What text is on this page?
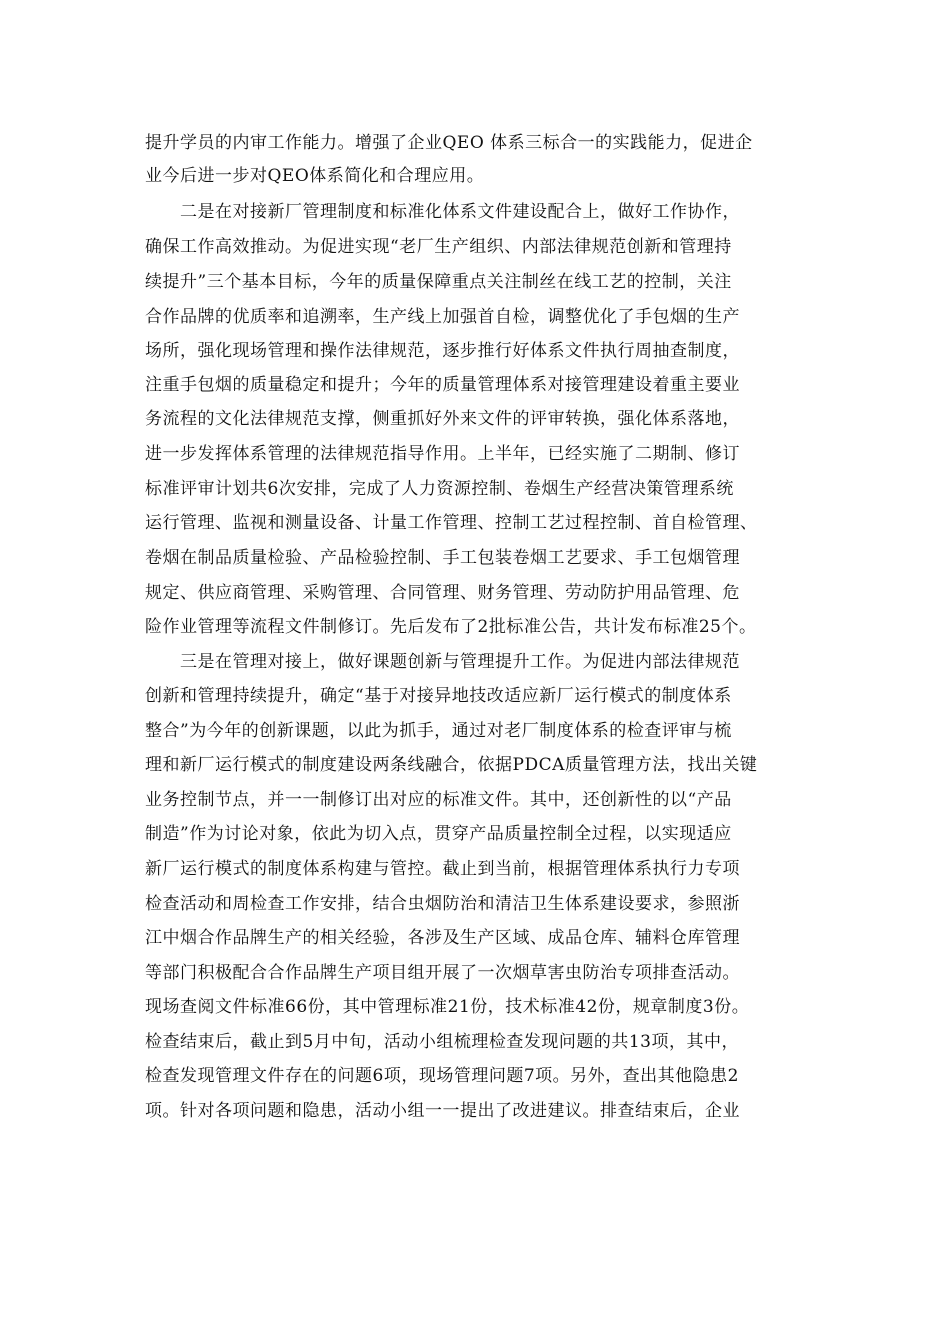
提升学员的内审工作能力。增强了企业QEO 体系三标合一的实践能力，促进企
业今后进一步对QEO体系简化和合理应用。
　　二是在对接新厂管理制度和标准化体系文件建设配合上，做好工作协作，
确保工作高效推动。为促进实现“老厂生产组织、内部法律规范创新和管理持
续提升”三个基本目标，今年的质量保障重点关注制丝在线工艺的控制，关注
合作品牌的优质率和追溯率，生产线上加强首自检，调整优化了手包烟的生产
场所，强化现场管理和操作法律规范，逐步推行好体系文件执行周抽查制度，
注重手包烟的质量稳定和提升；今年的质量管理体系对接管理建设着重主要业
务流程的文化法律规范支撑，侧重抓好外来文件的评审转换，强化体系落地，
进一步发挥体系管理的法律规范指导作用。上半年，已经实施了二期制、修订
标准评审计划共6次安排，完成了人力资源控制、卷烟生产经营决策管理系统
运行管理、监视和测量设备、计量工作管理、控制工艺过程控制、首自检管理、
卷烟在制品质量检验、产品检验控制、手工包装卷烟工艺要求、手工包烟管理
规定、供应商管理、采购管理、合同管理、财务管理、劳动防护用品管理、危
险作业管理等流程文件制修订。先后发布了2批标准公告，共计发布标准25个。
　　三是在管理对接上，做好课题创新与管理提升工作。为促进内部法律规范
创新和管理持续提升，确定“基于对接异地技改适应新厂运行模式的制度体系
整合”为今年的创新课题，以此为抓手，通过对老厂制度体系的检查评审与梳
理和新厂运行模式的制度建设两条线融合，依据PDCA质量管理方法，找出关键
业务控制节点，并一一制修订出对应的标准文件。其中，还创新性的以“产品
制造”作为讨论对象，依此为切入点，贯穿产品质量控制全过程，以实现适应
新厂运行模式的制度体系构建与管控。截止到当前，根据管理体系执行力专项
检查活动和周检查工作安排，结合虫烟防治和清洁卫生体系建设要求，参照浙
江中烟合作品牌生产的相关经验，各涉及生产区域、成品仓库、辅料仓库管理
等部门积极配合合作品牌生产项目组开展了一次烟草害虫防治专项排查活动。
现场查阅文件标准66份，其中管理标准21份，技术标准42份，规章制度3份。
检查结束后，截止到5月中旬，活动小组梳理检查发现问题的共13项，其中，
检查发现管理文件存在的问题6项，现场管理问题7项。另外，查出其他隐患2
项。针对各项问题和隐患，活动小组一一提出了改进建议。排查结束后，企业
